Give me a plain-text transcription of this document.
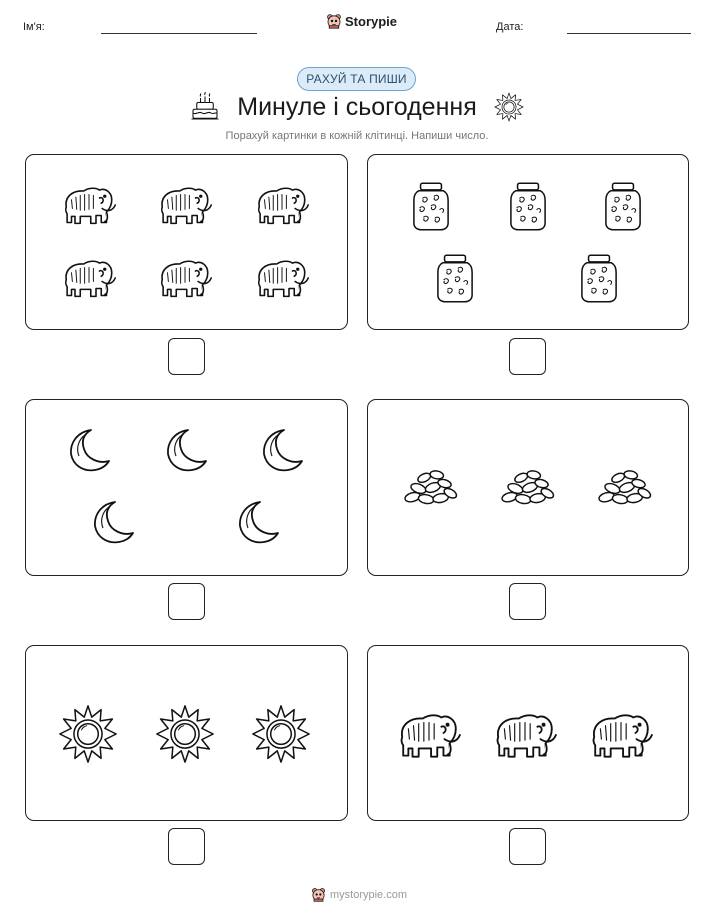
Ім'я:	Storypie	Дата:
РАХУЙ ТА ПИШИ
Минуле і сьогодення
Порахуй картинки в кожній клітинці. Напиши число.
mystorypie.com
